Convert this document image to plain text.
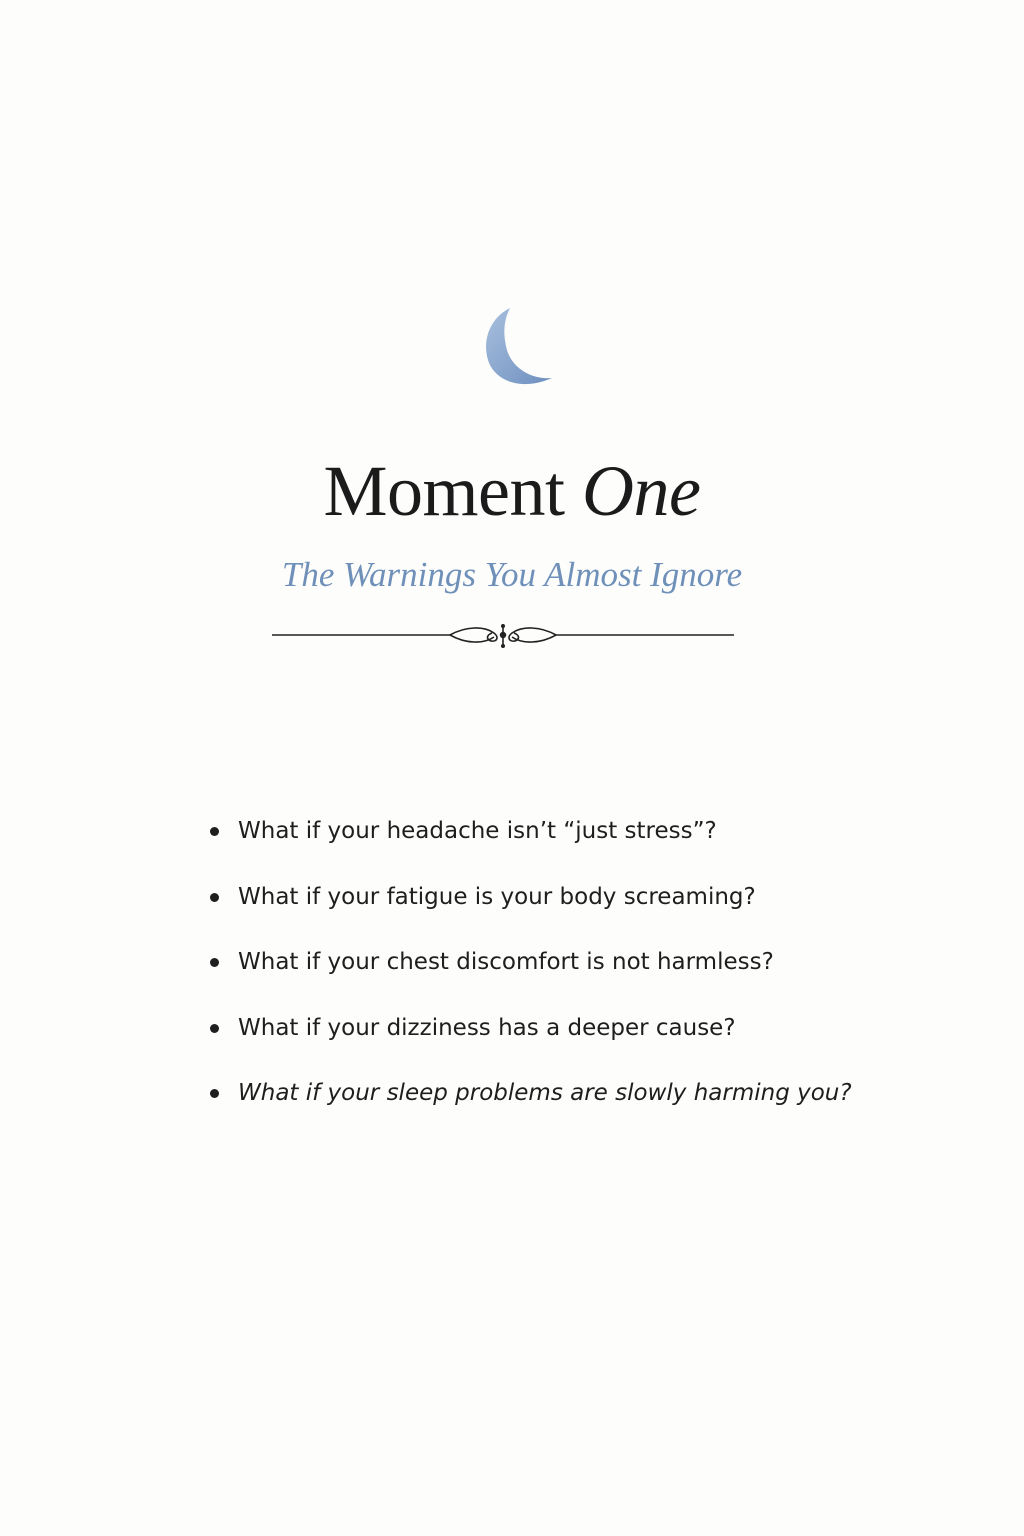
Moment One

The Warnings You Almost Ignore

What if your headache isn’t “just stress”?
What if your fatigue is your body screaming?
What if your chest discomfort is not harmless?
What if your dizziness has a deeper cause?
What if your sleep problems are slowly harming you?
